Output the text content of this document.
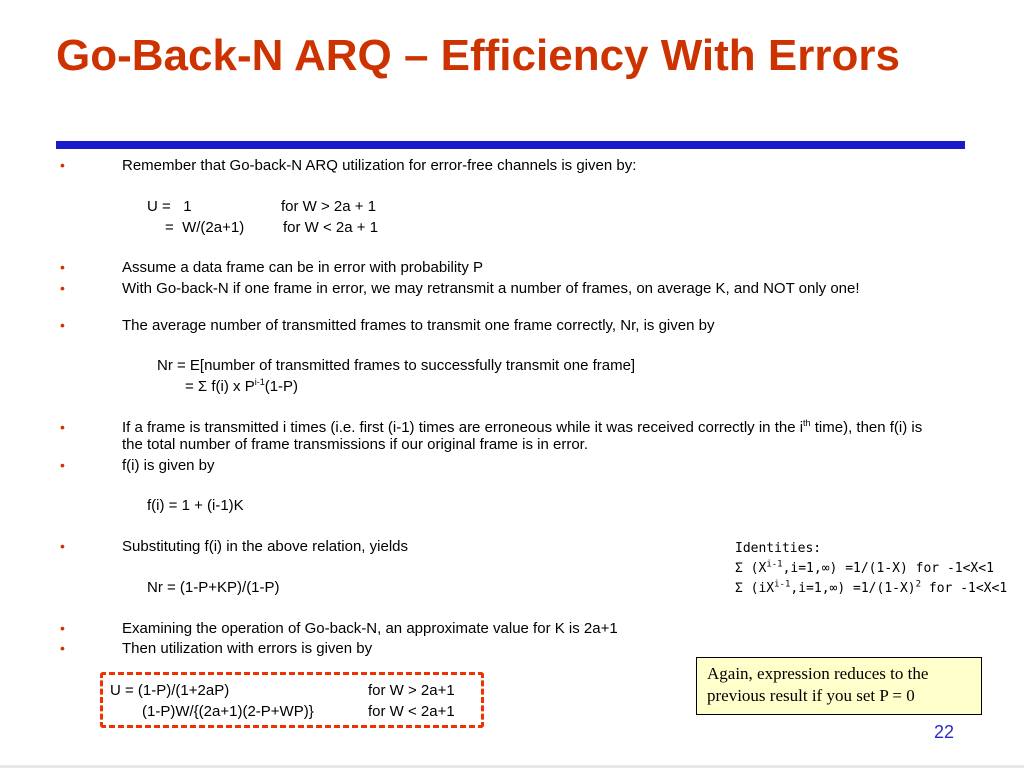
Go-Back-N ARQ – Efficiency With Errors
•	Remember that Go-back-N ARQ utilization for error-free channels is given by:
U =   1	for W > 2a + 1
=  W/(2a+1)	for W < 2a + 1
•	Assume a data frame can be in error with probability P
•	With Go-back-N if one frame in error, we may retransmit a number of frames, on average K, and NOT only one!
•	The average number of transmitted frames to transmit one frame correctly, Nr, is given by
Nr = E[number of transmitted frames to successfully transmit one frame]
= Σ f(i) x $P^{i-1}(1-P)$
•	If a frame is transmitted i times (i.e. first (i-1) times are erroneous while it was received correctly in the $i^{th}$ time), then f(i) is the total number of frame transmissions if our original frame is in error.
•	f(i) is given by
f(i) = 1 + (i-1)K
•	Substituting f(i) in the above relation, yields
Nr = (1-P+KP)/(1-P)
Identities:
Σ $(X^{i-1},i=1,\infty) =1/(1-X)$ for -1<X<1
Σ $(iX^{i-1},i=1,\infty) =1/(1-X)^2$ for -1<X<1
•	Examining the operation of Go-back-N, an approximate value for K is 2a+1
•	Then utilization with errors is given by
U = (1-P)/(1+2aP)	for W > 2a+1
(1-P)W/{(2a+1)(2-P+WP)}	for W < 2a+1
Again, expression reduces to the previous result if you set P = 0
22
